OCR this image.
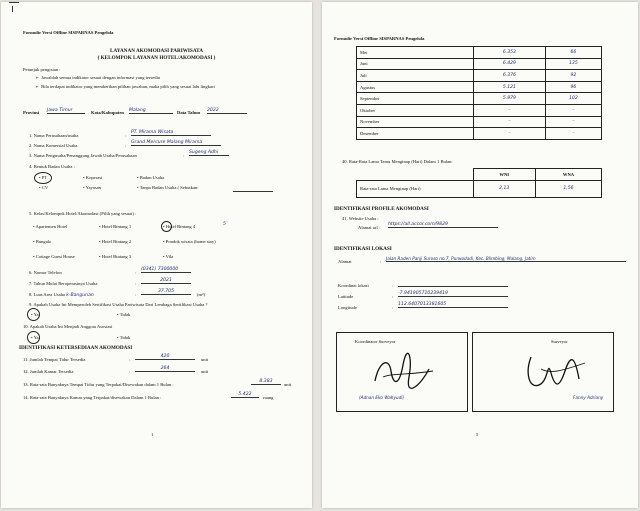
Formulir Versi Offline SISPARNAS Pengelola
LAYANAN AKOMODASI PARIWISATA
( KELOMPOK LAYANAN HOTEL/AKOMODASI )
Petunjuk pengisian :
➢  Jawablah semua indikator sesuai dengan informasi yang tersedia
➢  Bila terdapat indikator yang memberikan pilihan jawaban, maka pilih yang sesuai lalu lingkari
Provinsi Jawa Timur	Kota/Kabupaten Malang	Data Tahun 2022
1. Nama Perusahaan/usaha	:
PT. Mirama Wisata
2. Nama Komersial Usaha	:
Grand Mercure Malang Mirama
3. Nama Pengusaha/Penanggung Jawab Usaha/Perusahaan	:
Sugeng Adhi
4. Bentuk Badan Usaha :
• PT	• Koperasi	• Badan Usaha
• CV	• Yayasan	• Tanpa Badan Usaha ( Sebutkan:
5. Kelas/Kelompok Hotel/Akomodasi (Pilih yang sesuai) :
• Apartemen Hotel	• Hotel Bintang 1	• Hotel Bintang 4	5
• Bungalo	• Hotel Bintang 2	• Pondok wisata (home stay)
• Cottage Guest House	• Hotel Bintang 3	• Vila
6. Nomor Telefon	:
(0341) 7300000
7. Tahun Mulai Beroperasinya Usaha	:
2021
8. Luas Area Usaha k-Bangunan	:
37.705
(m²)
9. Apakah Usaha Ini Memperoleh Sertifikasi Usaha Pariwisata Dari Lembaga Sertifikasi Usaha ?
• Ya	• Tidak
10. Apakah Usaha Ini Menjadi Anggota Asosiasi
• Ya	• Tidak
IDENTIFIKASI KETERSEDIAAN AKOMODASI
11. Jumlah Tempat Tidur Tersedia	:
420
unit
12. Jumlah Kamar Tersedia	:
264
unit
13. Rata-rata Banyaknya Tempat Tidur yang Terpakai/Disewakan dalam 1 Bulan :
8.383
unit
14. Rata-rata Banyaknya Kamar yang Terpakai/disewakan Dalam 1 Bulan :
5.422
ruang
1
Formulir Versi Offline SISPARNAS Pengelola
Mei	6.353	66
Juni	6.429	135
Juli	6.376	92
Agustus	5.121	96
September	5.979	102
Oktober	–	–
November	–	–
Desember	–	–
40. Rata-Rata Lama Tamu Menginap (Hari) Dalam 1 Bulan:
	WNI	WNA
Rata-rata Lama Menginap (Hari)	2,13	1,56
IDENTIFIKASI PROFILE AKOMODASI
41. Website Usaha :
Alamat url :
https://all.accor.com/9829
IDENTIFIKASI LOKASI
Alamat	:
Jalan Raden Panji Suroso no.7, Purwodadi, Kec. Blimbing, Malang, Jatim
Koordinat lokasi	:
Latitude	:
-7.941905710239419
Longitude	:
112.6407013381605
Koordinator Surveyor
(Adnan Eko Wahyudi)
Surveyor
Fanny Adriany
5
